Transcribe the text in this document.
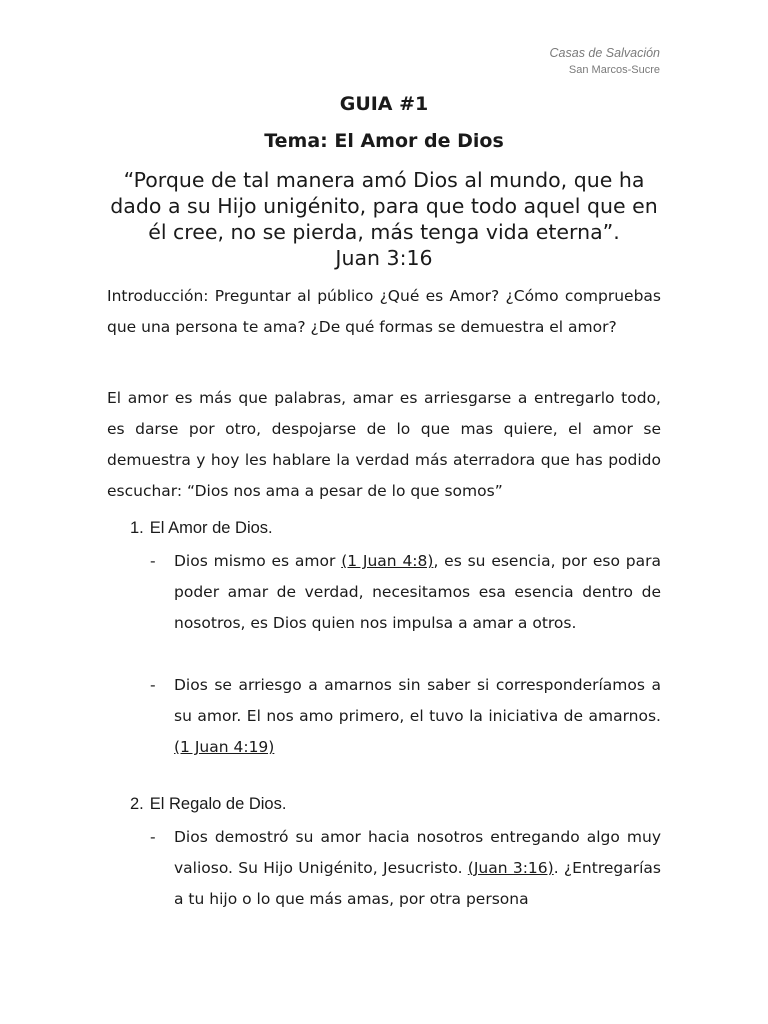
Casas de Salvación
San Marcos-Sucre
GUIA #1
Tema: El Amor de Dios
“Porque de tal manera amó Dios al mundo, que ha dado a su Hijo unigénito, para que todo aquel que en él cree, no se pierda, más tenga vida eterna”.
Juan 3:16
Introducción: Preguntar al público ¿Qué es Amor? ¿Cómo compruebas que una persona te ama? ¿De qué formas se demuestra el amor?
El amor es más que palabras, amar es arriesgarse a entregarlo todo, es darse por otro, despojarse de lo que mas quiere, el amor se demuestra y hoy les hablare la verdad más aterradora que has podido escuchar: “Dios nos ama a pesar de lo que somos”
1. El Amor de Dios.
- Dios mismo es amor (1 Juan 4:8), es su esencia, por eso para poder amar de verdad, necesitamos esa esencia dentro de nosotros, es Dios quien nos impulsa a amar a otros.
- Dios se arriesgo a amarnos sin saber si corresponderíamos a su amor. El nos amo primero, el tuvo la iniciativa de amarnos. (1 Juan 4:19)
2. El Regalo de Dios.
- Dios demostró su amor hacia nosotros entregando algo muy valioso. Su Hijo Unigénito, Jesucristo. (Juan 3:16). ¿Entregarías a tu hijo o lo que más amas, por otra persona
